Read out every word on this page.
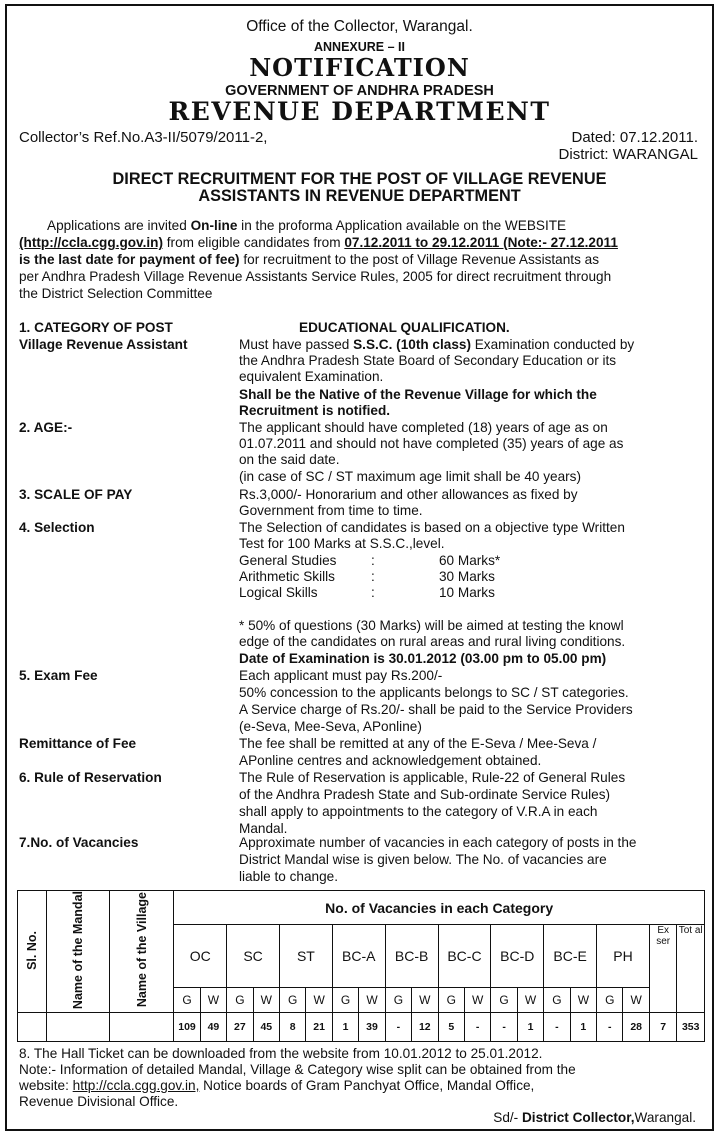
Office of the Collector, Warangal.
ANNEXURE – II
NOTIFICATION
GOVERNMENT OF ANDHRA PRADESH
REVENUE DEPARTMENT
Collector’s Ref.No.A3-II/5079/2011-2,	Dated: 07.12.2011.
District: WARANGAL
DIRECT RECRUITMENT FOR THE POST OF VILLAGE REVENUE
ASSISTANTS IN REVENUE DEPARTMENT
Applications are invited On-line in the proforma Application available on the WEBSITE
(http://ccla.cgg.gov.in) from eligible candidates from 07.12.2011 to 29.12.2011 (Note:- 27.12.2011
is the last date for payment of fee) for recruitment to the post of Village Revenue Assistants as
per Andhra Pradesh Village Revenue Assistants Service Rules, 2005 for direct recruitment through
the District Selection Committee
1. CATEGORY OF POST	EDUCATIONAL QUALIFICATION.
Village Revenue Assistant	Must have passed S.S.C. (10th class) Examination conducted by
the Andhra Pradesh State Board of Secondary Education or its
equivalent Examination.
Shall be the Native of the Revenue Village for which the
Recruitment is notified.
2. AGE:-	The applicant should have completed (18) years of age as on
01.07.2011 and should not have completed (35) years of age as
on the said date.
(in case of SC / ST maximum age limit shall be 40 years)
3. SCALE OF PAY	Rs.3,000/- Honorarium and other allowances as fixed by
Government from time to time.
4. Selection	The Selection of candidates is based on a objective type Written
Test for 100 Marks at S.S.C.,level.
General Studies	:	60 Marks*
Arithmetic Skills	:	30 Marks
Logical Skills	:	10 Marks
* 50% of questions (30 Marks) will be aimed at testing the knowl
edge of the candidates on rural areas and rural living conditions.
Date of Examination is 30.01.2012 (03.00 pm to 05.00 pm)
5. Exam Fee	Each applicant must pay Rs.200/-
50% concession to the applicants belongs to SC / ST categories.
A Service charge of Rs.20/- shall be paid to the Service Providers
(e-Seva, Mee-Seva, APonline)
Remittance of Fee	The fee shall be remitted at any of the E-Seva / Mee-Seva /
APonline centres and acknowledgement obtained.
6. Rule of Reservation	The Rule of Reservation is applicable, Rule-22 of General Rules
of the Andhra Pradesh State and Sub-ordinate Service Rules)
shall apply to appointments to the category of V.R.A in each
Mandal.
7.No. of Vacancies	Approximate number of vacancies in each category of posts in the
District Mandal wise is given below. The No. of vacancies are
liable to change.
Sl. No.	Name of the Mandal	Name of the Village	No. of Vacancies in each Category																			
			OC		SC		ST		BC-A		BC-B		BC-C		BC-D		BC-E		PH		Ex ser	Tot al
			G	W	G	W	G	W	G	W	G	W	G	W	G	W	G	W	G	W		
			109	49	27	45	8	21	1	39	-	12	5	-	-	1	-	1	-	28	7	353
8. The Hall Ticket can be downloaded from the website from 10.01.2012 to 25.01.2012.
Note:- Information of detailed Mandal, Village & Category wise split can be obtained from the
website: http://ccla.cgg.gov.in, Notice boards of Gram Panchyat Office, Mandal Office,
Revenue Divisional Office.
Sd/- District Collector,Warangal.
